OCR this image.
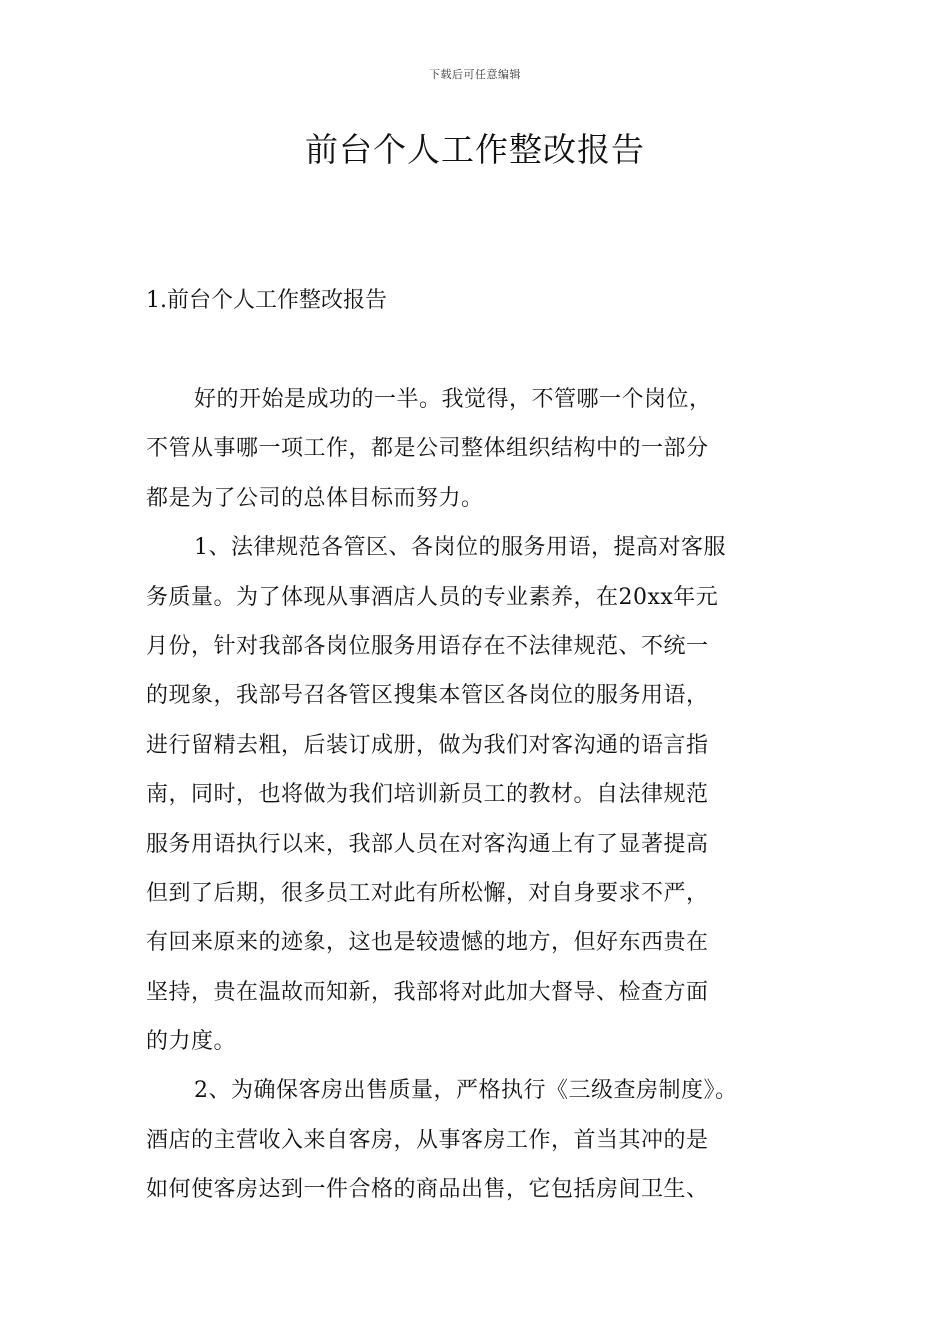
下载后可任意编辑
前台个人工作整改报告
1.前台个人工作整改报告
好的开始是成功的一半。我觉得，不管哪一个岗位，
不管从事哪一项工作，都是公司整体组织结构中的一部分
都是为了公司的总体目标而努力。
1、法律规范各管区、各岗位的服务用语，提高对客服
务质量。为了体现从事酒店人员的专业素养，在20xx年元
月份，针对我部各岗位服务用语存在不法律规范、不统一
的现象，我部号召各管区搜集本管区各岗位的服务用语，
进行留精去粗，后装订成册，做为我们对客沟通的语言指
南，同时，也将做为我们培训新员工的教材。自法律规范
服务用语执行以来，我部人员在对客沟通上有了显著提高
但到了后期，很多员工对此有所松懈，对自身要求不严，
有回来原来的迹象，这也是较遗憾的地方，但好东西贵在
坚持，贵在温故而知新，我部将对此加大督导、检查方面
的力度。
2、为确保客房出售质量，严格执行《三级查房制度》。
酒店的主营收入来自客房，从事客房工作，首当其冲的是
如何使客房达到一件合格的商品出售，它包括房间卫生、
